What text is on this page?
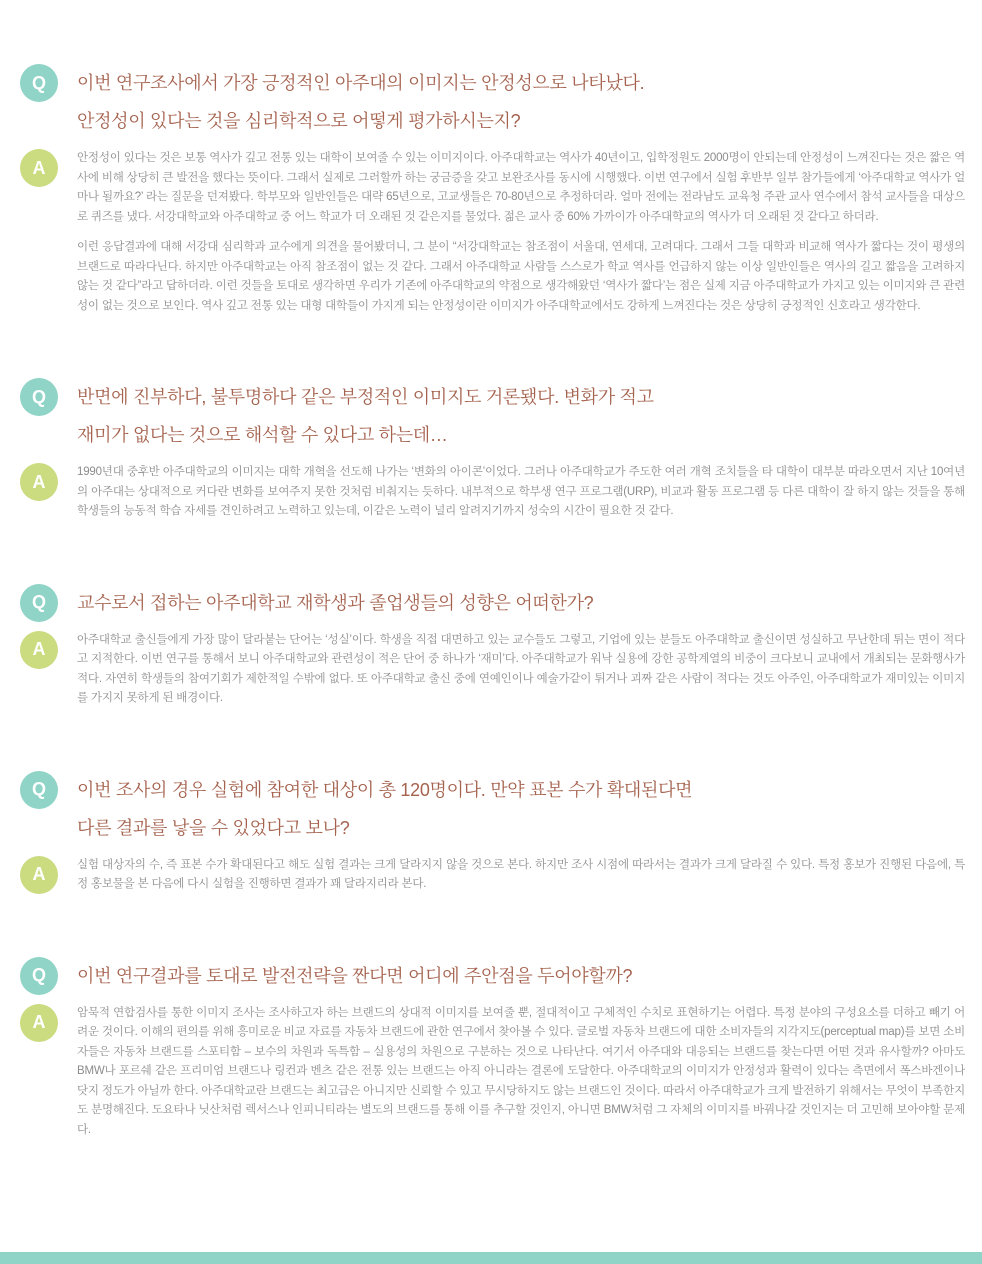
Q 이번 연구조사에서 가장 긍정적인 아주대의 이미지는 안정성으로 나타났다.
안정성이 있다는 것을 심리학적으로 어떻게 평가하시는지?
A	안정성이 있다는 것은 보통 역사가 깊고 전통 있는 대학이 보여줄 수 있는 이미지이다. 아주대학교는 역사가 40년이고, 입학정원도 2000명이 안되는데 안정성이 느껴진다는 것은 짧은 역사에 비해 상당히 큰 발전을 했다는 뜻이다. 그래서 실제로 그러할까 하는 궁금증을 갖고 보완조사를 동시에 시행했다. 이번 연구에서 실험 후반부 일부 참가들에게 ‘아주대학교 역사가 얼마나 될까요?’ 라는 질문을 던져봤다. 학부모와 일반인들은 대략 65년으로, 고교생들은 70-80년으로 추정하더라. 얼마 전에는 전라남도 교육청 주관 교사 연수에서 참석 교사들을 대상으로 퀴즈를 냈다. 서강대학교와 아주대학교 중 어느 학교가 더 오래된 것 같은지를 물었다. 젊은 교사 중 60% 가까이가 아주대학교의 역사가 더 오래된 것 같다고 하더라.

이런 응답결과에 대해 서강대 심리학과 교수에게 의견을 물어봤더니, 그 분이 “서강대학교는 참조점이 서울대, 연세대, 고려대다. 그래서 그들 대학과 비교해 역사가 짧다는 것이 평생의 브랜드로 따라다닌다. 하지만 아주대학교는 아직 참조점이 없는 것 같다. 그래서 아주대학교 사람들 스스로가 학교 역사를 언급하지 않는 이상 일반인들은 역사의 길고 짧음을 고려하지 않는 것 같다”라고 답하더라. 이런 것들을 토대로 생각하면 우리가 기존에 아주대학교의 약점으로 생각해왔던 ‘역사가 짧다’는 점은 실제 지금 아주대학교가 가지고 있는 이미지와 큰 관련성이 없는 것으로 보인다. 역사 깊고 전통 있는 대형 대학들이 가지게 되는 안정성이란 이미지가 아주대학교에서도 강하게 느껴진다는 것은 상당히 긍정적인 신호라고 생각한다.

Q 반면에 진부하다, 불투명하다 같은 부정적인 이미지도 거론됐다. 변화가 적고
재미가 없다는 것으로 해석할 수 있다고 하는데…
A	1990년대 중후반 아주대학교의 이미지는 대학 개혁을 선도해 나가는 ‘변화의 아이콘’이었다. 그러나 아주대학교가 주도한 여러 개혁 조치들을 타 대학이 대부분 따라오면서 지난 10여년의 아주대는 상대적으로 커다란 변화를 보여주지 못한 것처럼 비춰지는 듯하다. 내부적으로 학부생 연구 프로그램(URP), 비교과 활동 프로그램 등 다른 대학이 잘 하지 않는 것들을 통해 학생들의 능동적 학습 자세를 견인하려고 노력하고 있는데, 이같은 노력이 널리 알려지기까지 성숙의 시간이 필요한 것 같다.

Q 교수로서 접하는 아주대학교 재학생과 졸업생들의 성향은 어떠한가?
A	아주대학교 출신들에게 가장 많이 달라붙는 단어는 ‘성실’이다. 학생을 직접 대면하고 있는 교수들도 그렇고, 기업에 있는 분들도 아주대학교 출신이면 성실하고 무난한데 튀는 면이 적다고 지적한다. 이번 연구를 통해서 보니 아주대학교와 관련성이 적은 단어 중 하나가 ‘재미’다. 아주대학교가 워낙 실용에 강한 공학계열의 비중이 크다보니 교내에서 개최되는 문화행사가 적다. 자연히 학생들의 참여기회가 제한적일 수밖에 없다. 또 아주대학교 출신 중에 연예인이나 예술가같이 튀거나 괴짜 같은 사람이 적다는 것도 아주인, 아주대학교가 재미있는 이미지를 가지지 못하게 된 배경이다.

Q 이번 조사의 경우 실험에 참여한 대상이 총 120명이다. 만약 표본 수가 확대된다면
다른 결과를 낳을 수 있었다고 보나?
A	실험 대상자의 수, 즉 표본 수가 확대된다고 해도 실험 결과는 크게 달라지지 않을 것으로 본다. 하지만 조사 시점에 따라서는 결과가 크게 달라질 수 있다. 특정 홍보가 진행된 다음에, 특정 홍보물을 본 다음에 다시 실험을 진행하면 결과가 꽤 달라지리라 본다.

Q 이번 연구결과를 토대로 발전전략을 짠다면 어디에 주안점을 두어야할까?
A	암묵적 연합검사를 통한 이미지 조사는 조사하고자 하는 브랜드의 상대적 이미지를 보여줄 뿐, 절대적이고 구체적인 수치로 표현하기는 어렵다. 특정 분야의 구성요소를 더하고 빼기 어려운 것이다. 이해의 편의를 위해 흥미로운 비교 자료를 자동차 브랜드에 관한 연구에서 찾아볼 수 있다. 글로벌 자동차 브랜드에 대한 소비자들의 지각지도(perceptual map)를 보면 소비자들은 자동차 브랜드를 스포티함 – 보수의 차원과 독특함 – 실용성의 차원으로 구분하는 것으로 나타난다. 여기서 아주대와 대응되는 브랜드를 찾는다면 어떤 것과 유사할까? 아마도 BMW나 포르쉐 같은 프리미엄 브랜드나 링컨과 벤츠 같은 전통 있는 브랜드는 아직 아니라는 결론에 도달한다. 아주대학교의 이미지가 안정성과 활력이 있다는 측면에서 폭스바겐이나 닷지 정도가 아닐까 한다. 아주대학교란 브랜드는 최고급은 아니지만 신뢰할 수 있고 무시당하지도 않는 브랜드인 것이다. 따라서 아주대학교가 크게 발전하기 위해서는 무엇이 부족한지도 분명해진다. 도요타나 닛산처럼 렉서스나 인피니티라는 별도의 브랜드를 통해 이를 추구할 것인지, 아니면 BMW처럼 그 자체의 이미지를 바꿔나갈 것인지는 더 고민해 보아야할 문제다.
